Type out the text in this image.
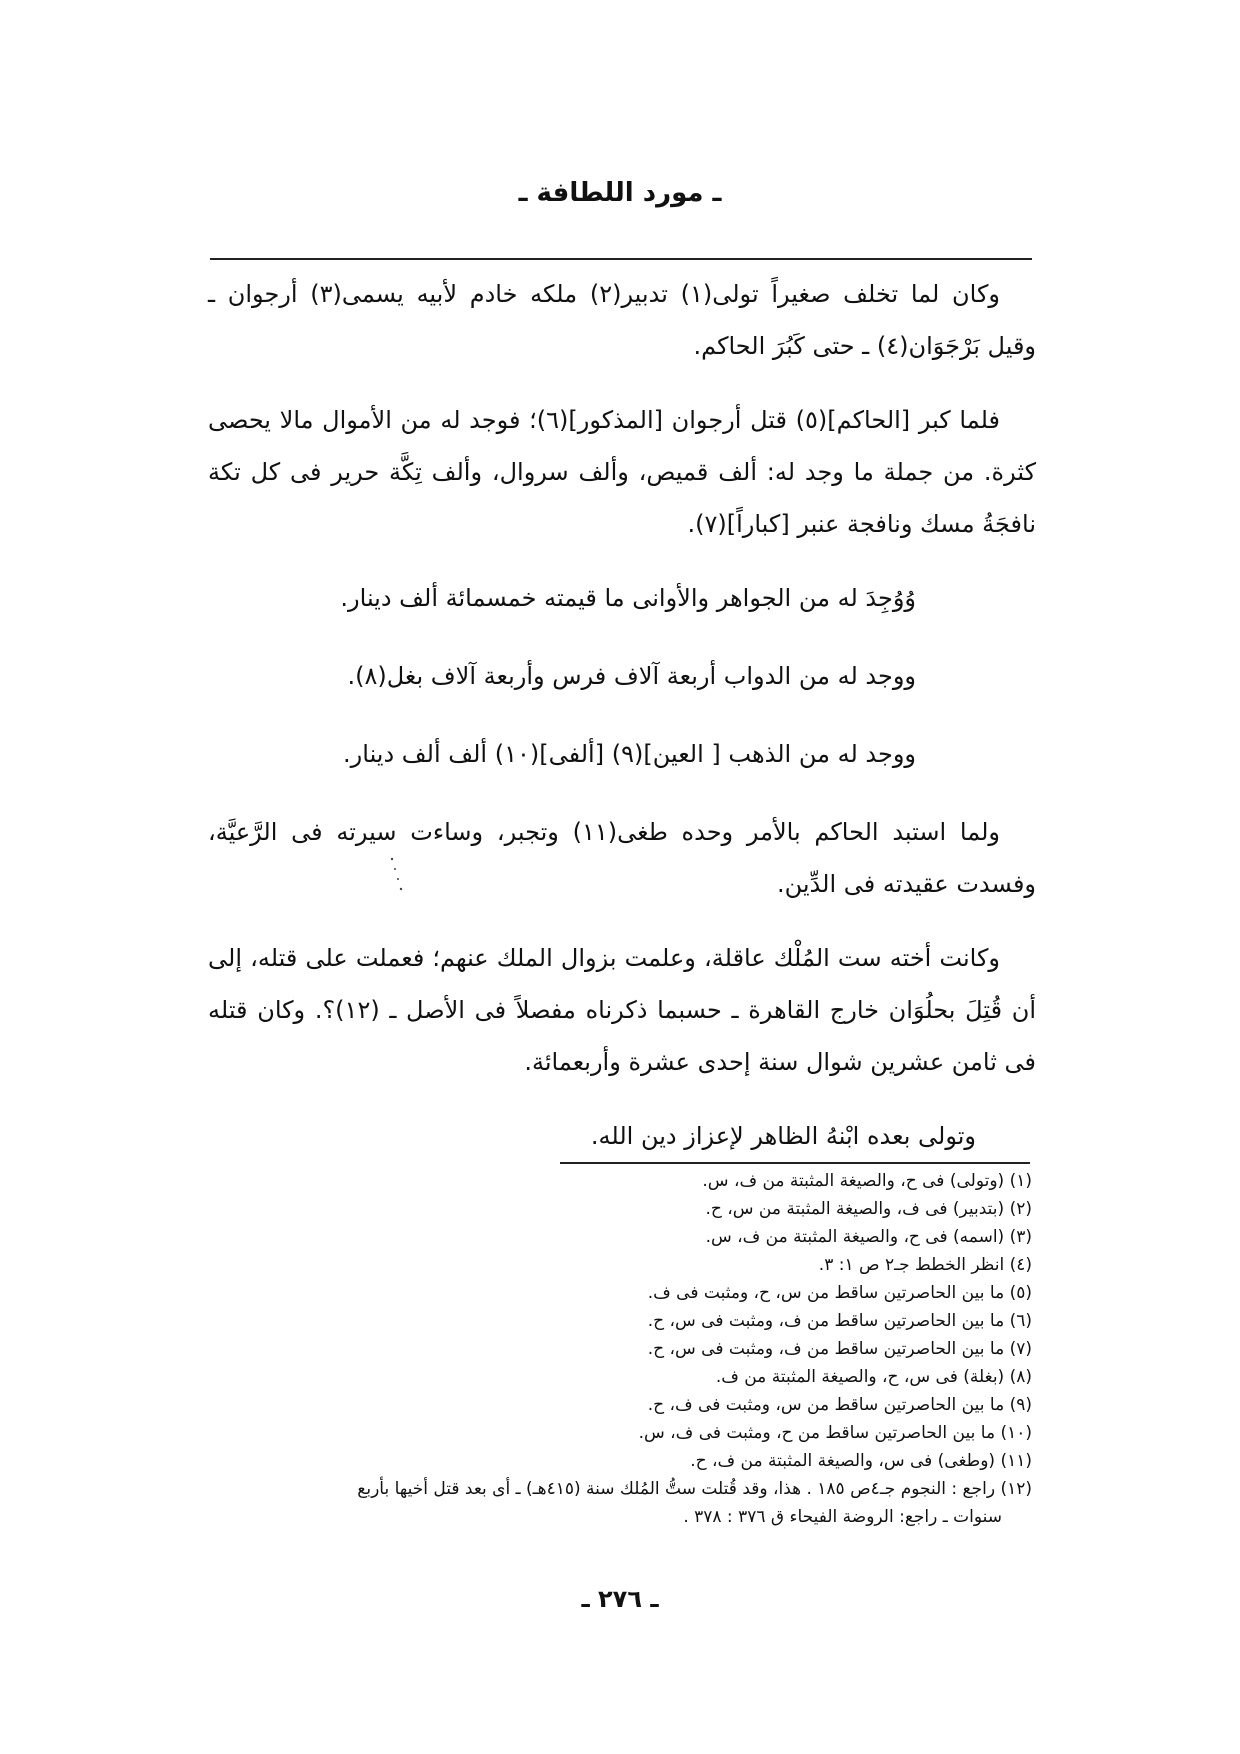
ـ مورد اللطافة ـ

وكان لما تخلف صغيراً تولى(١) تدبير(٢) ملكه خادم لأبيه يسمى(٣) أرجوان ـ وقيل بَرْجَوَان(٤) ـ حتى كَبُرَ الحاكم.

فلما كبر [الحاكم](٥) قتل أرجوان [المذكور](٦)؛ فوجد له من الأموال مالا يحصى كثرة. من جملة ما وجد له: ألف قميص، وألف سروال، وألف تِكَّة حرير فى كل تكة نافجَةُ مسك ونافجة عنبر [كباراً](٧).

وُوُجِدَ له من الجواهر والأوانى ما قيمته خمسمائة ألف دينار.

ووجد له من الدواب أربعة آلاف فرس وأربعة آلاف بغل(٨).

ووجد له من الذهب [ العين](٩) [ألفى](١٠) ألف ألف دينار.

ولما استبد الحاكم بالأمر وحده طغى(١١) وتجبر، وساءت سيرته فى الرَّعيَّة، وفسدت عقيدته فى الدِّين.

وكانت أخته ست المُلْك عاقلة، وعلمت بزوال الملك عنهم؛ فعملت على قتله، إلى أن قُتِلَ بحلُوَان خارج القاهرة ـ حسبما ذكرناه مفصلاً فى الأصل ـ (١٢)؟. وكان قتله فى ثامن عشرين شوال سنة إحدى عشرة وأربعمائة.

وتولى بعده ابْنهُ الظاهر لإعزاز دين الله.

(١) (وتولى) فى ح، والصيغة المثبتة من ف، س.
(٢) (بتدبير) فى ف، والصيغة المثبتة من س، ح.
(٣) (اسمه) فى ح، والصيغة المثبتة من ف، س.
(٤) انظر الخطط جـ٢ ص ١: ٣.
(٥) ما بين الحاصرتين ساقط من س، ح، ومثبت فى ف.
(٦) ما بين الحاصرتين ساقط من ف، ومثبت فى س، ح.
(٧) ما بين الحاصرتين ساقط من ف، ومثبت فى س، ح.
(٨) (بغلة) فى س، ح، والصيغة المثبتة من ف.
(٩) ما بين الحاصرتين ساقط من س، ومثبت فى ف، ح.
(١٠) ما بين الحاصرتين ساقط من ح، ومثبت فى ف، س.
(١١) (وطغى) فى س، والصيغة المثبتة من ف، ح.
(١٢) راجع : النجوم جـ٤ص ١٨٥ . هذا، وقد قُتلت ستُّ المُلك سنة (٤١٥هـ) ـ أى بعد قتل أخيها بأربع
سنوات ـ راجع: الروضة الفيحاء ق ٣٧٦ : ٣٧٨ .
ـ ٢٧٦ ـ
